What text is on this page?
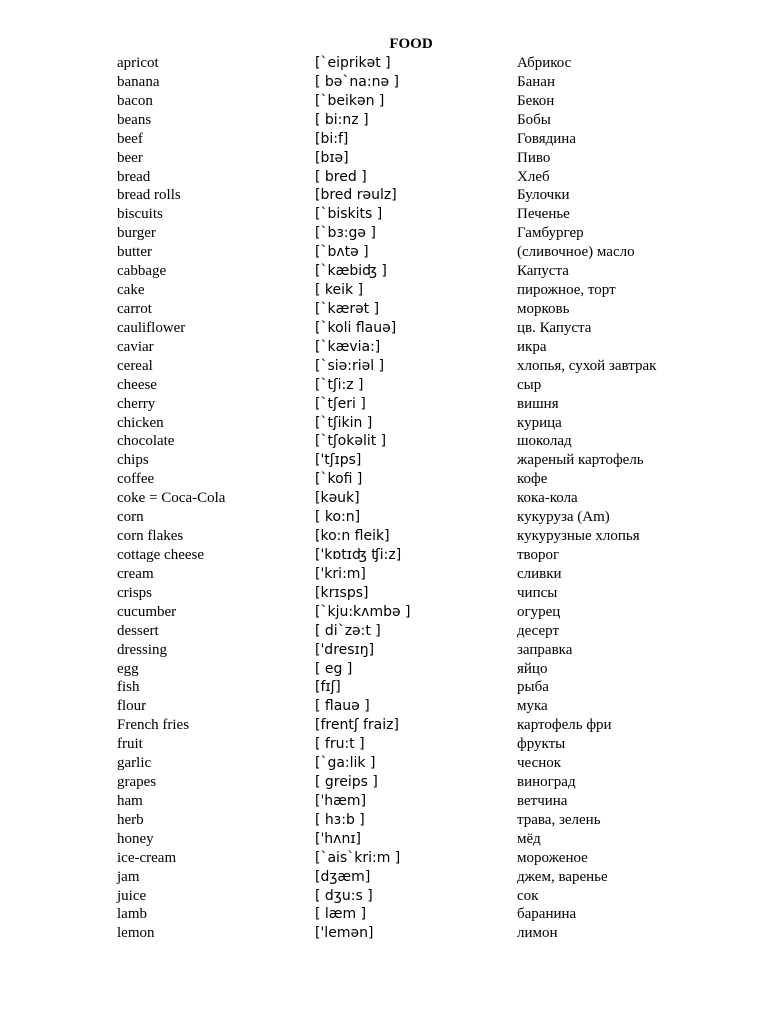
FOOD
apricot	[`eiprikət ]	Абрикос
banana	[ bə`na:nə ]	Банан
bacon	[`beikən ]	Бекон
beans	[ bi:nz ]	Бобы
beef	[bi:f]	Говядина
beer	[bɪə]	Пиво
bread	[ bred ]	Хлеб
bread rolls	[bred rəulz]	Булочки
biscuits	[`biskits ]	Печенье
burger	[`bɜ:gə ]	Гамбургер
butter	[`bʌtə ]	(сливочное) масло
cabbage	[`kæbiʤ ]	Капуста
cake	[ keik ]	пирожное, торт
carrot	[`kærət ]	морковь
cauliflower	[`koli flauə]	цв. Капуста
caviar	[`kævia:]	икра
cereal	[`siə:riəl ]	хлопья, сухой завтрак
cheese	[`tʃi:z ]	сыр
cherry	[`tʃeri ]	вишня
chicken	[`tʃikin ]	курица
chocolate	[`tʃokəlit ]	шоколад
chips	['tʃɪps]	жареный картофель
coffee	[`kofi ]	кофе
coke = Coca-Cola	[kəuk]	кока-кола
corn	[ ko:n]	кукуруза (Am)
corn flakes	[ko:n fleik]	кукурузные хлопья
cottage cheese	['kɒtɪʤ ʧi:z]	творог
cream	['kri:m]	сливки
crisps	[krɪsps]	чипсы
cucumber	[`kju:kʌmbə ]	огурец
dessert	[ di`zə:t ]	десерт
dressing	['dresɪŋ]	заправка
egg	[ eg ]	яйцо
fish	[fɪʃ]	рыба
flour	[ flauə ]	мука
French fries	[frentʃ fraiz]	картофель фри
fruit	[ fru:t ]	фрукты
garlic	[`ga:lik ]	чеснок
grapes	[ greips ]	виноград
ham	['hæm]	ветчина
herb	[ hɜ:b ]	трава, зелень
honey	['hʌnɪ]	мёд
ice-cream	[`ais`kri:m ]	мороженое
jam	[dʒæm]	джем, варенье
juice	[ dʒu:s ]	сок
lamb	[ læm ]	баранина
lemon	['lemən]	лимон
